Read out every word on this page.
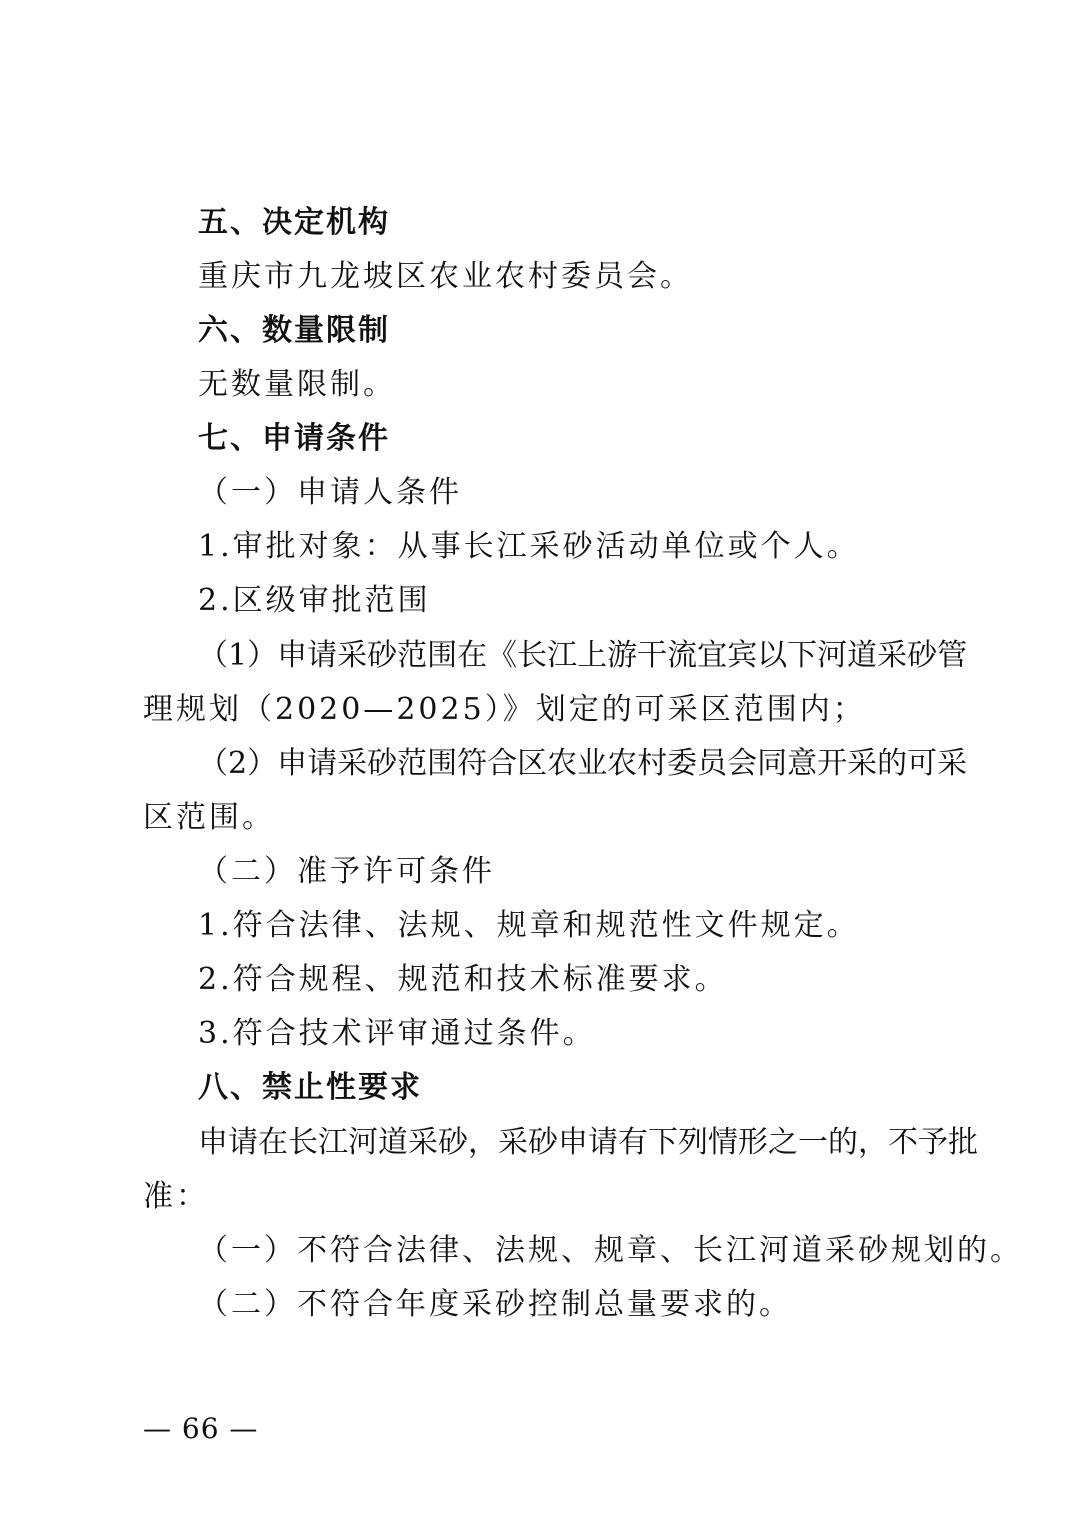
五、决定机构
重庆市九龙坡区农业农村委员会。
六、数量限制
无数量限制。
七、申请条件
（一）申请人条件
1.审批对象：从事长江采砂活动单位或个人。
2.区级审批范围
（1）申请采砂范围在《长江上游干流宜宾以下河道采砂管
理规划（2020—2025）》划定的可采区范围内；
（2）申请采砂范围符合区农业农村委员会同意开采的可采
区范围。
（二）准予许可条件
1.符合法律、法规、规章和规范性文件规定。
2.符合规程、规范和技术标准要求。
3.符合技术评审通过条件。
八、禁止性要求
申请在长江河道采砂，采砂申请有下列情形之一的，不予批
准：
（一）不符合法律、法规、规章、长江河道采砂规划的。
（二）不符合年度采砂控制总量要求的。
— 66 —
